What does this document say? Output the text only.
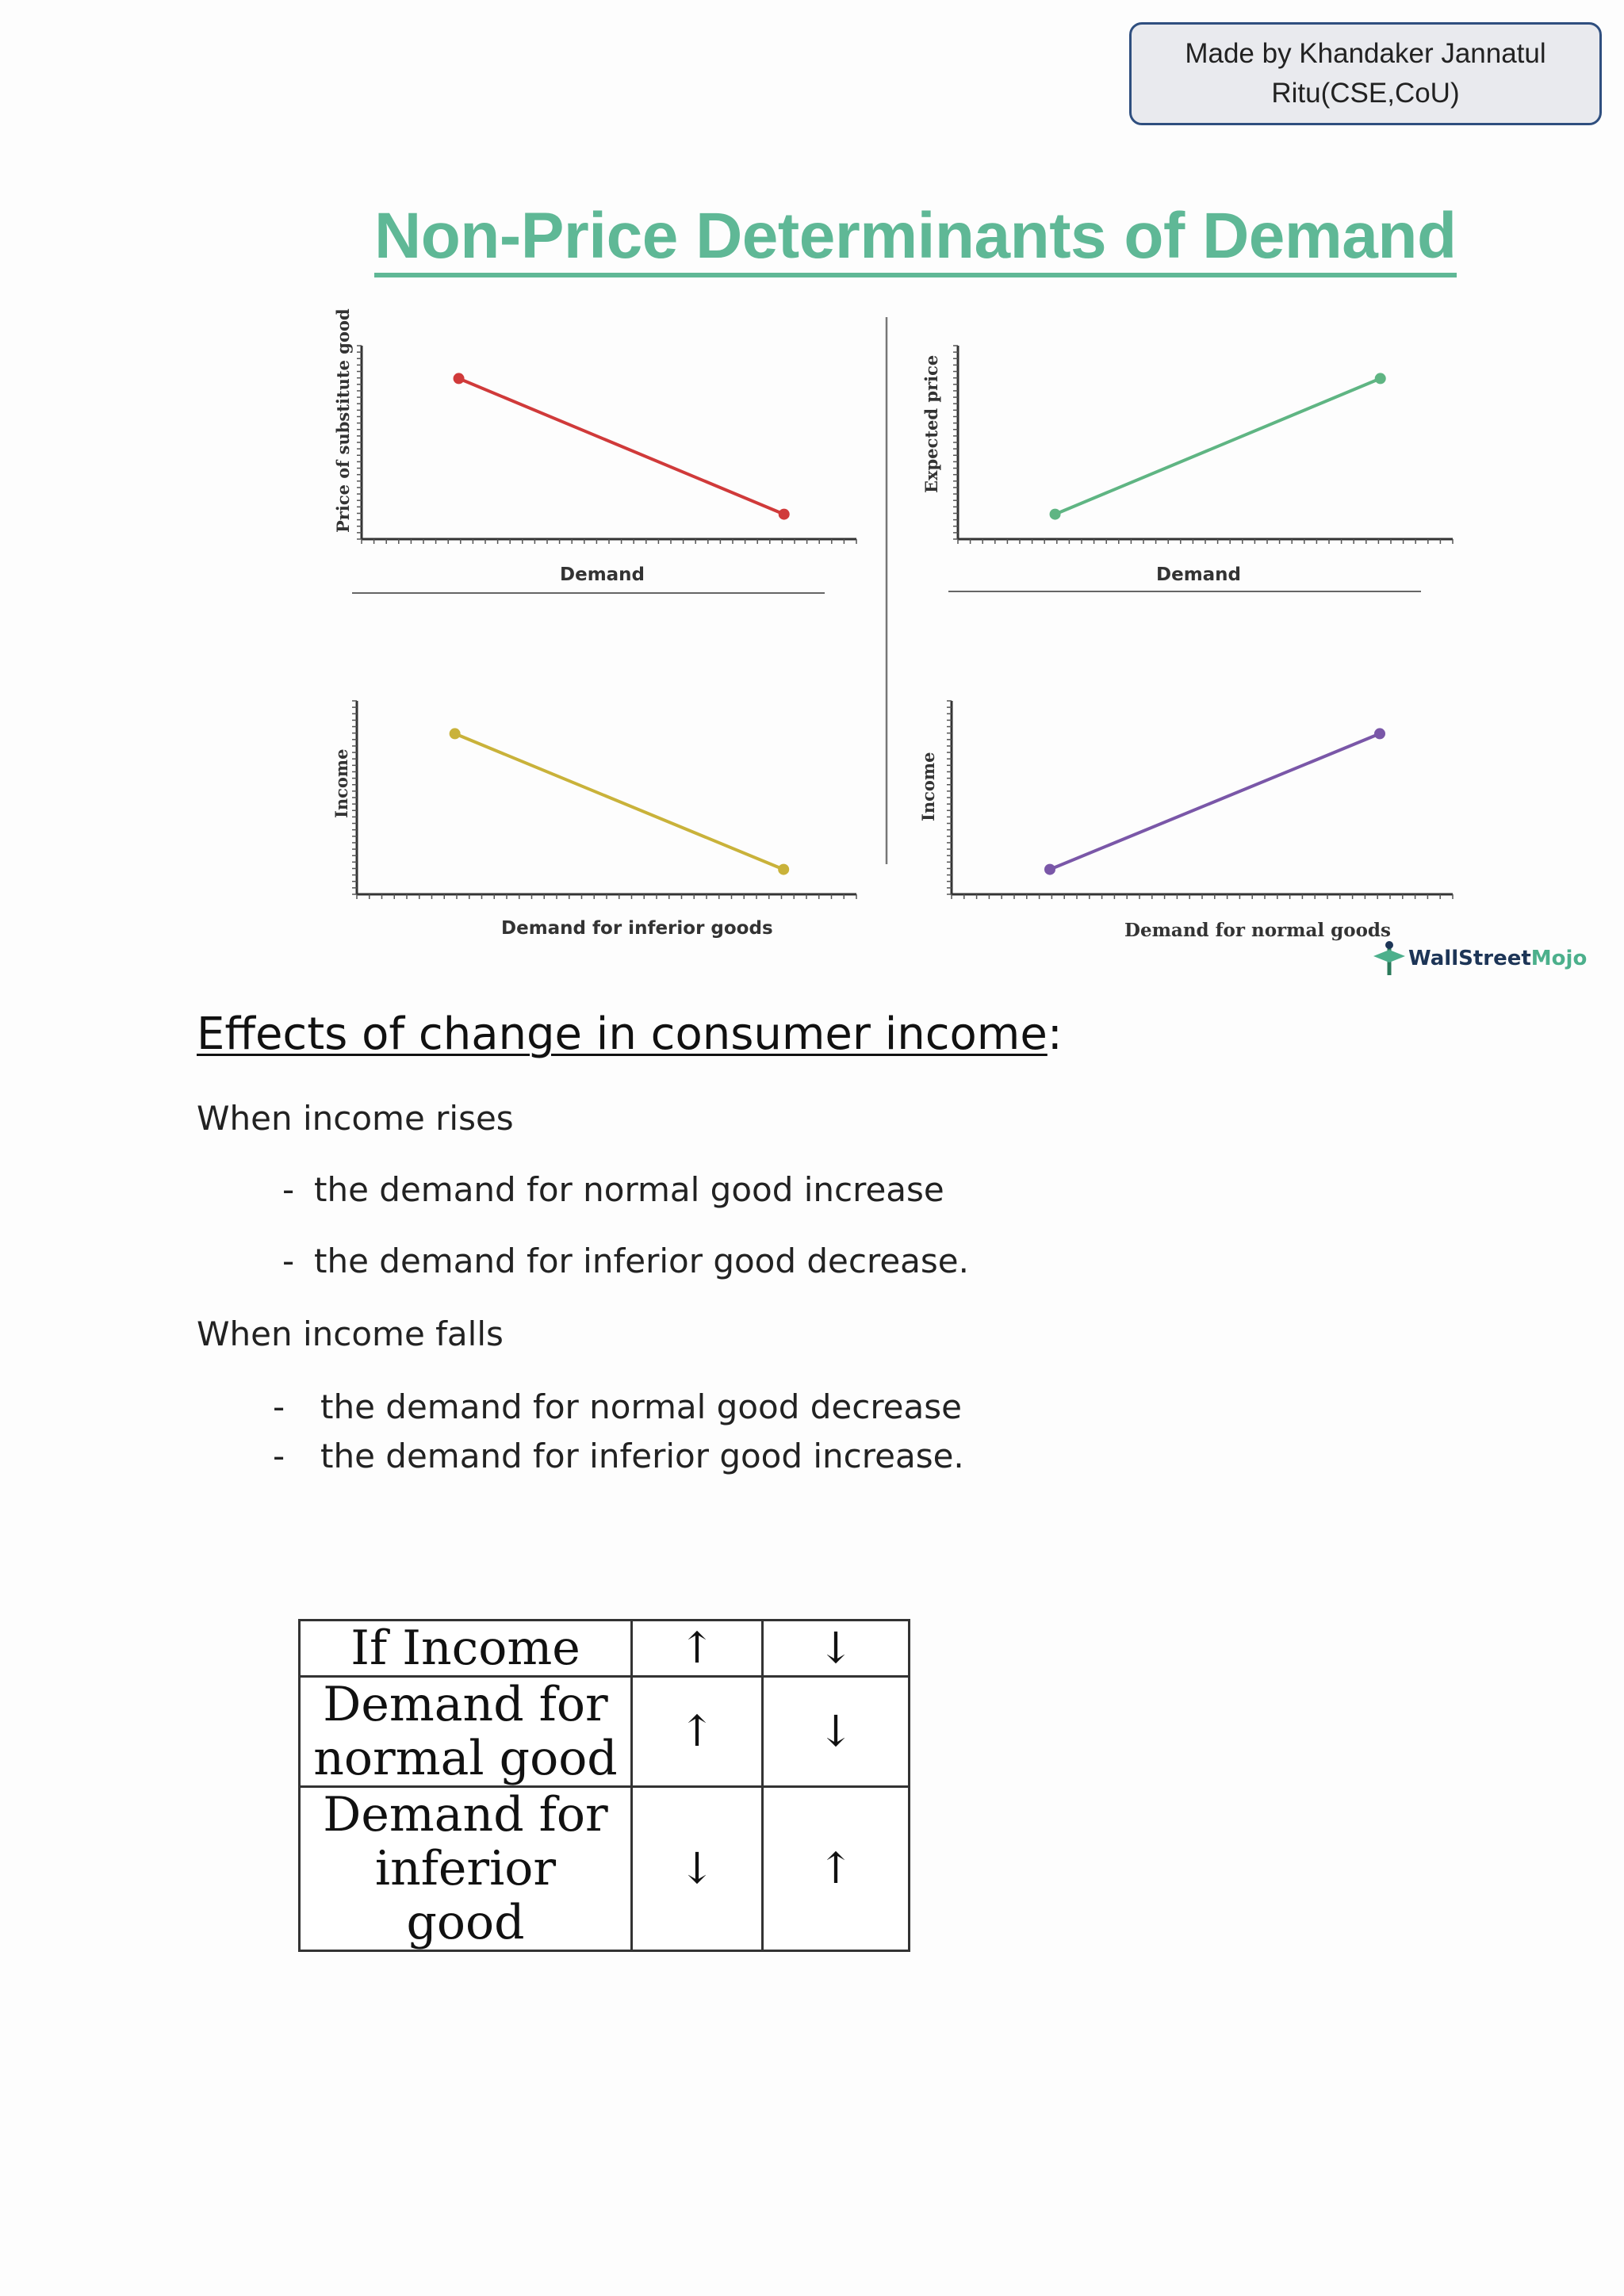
Made by Khandaker Jannatul
Ritu(CSE,CoU)
Non-Price Determinants of Demand
Price of substitute good
Demand
Expected price
Demand
Income
Demand for inferior goods
Income
Demand for normal goods
WallStreet Mojo
Effects of change in consumer income:
When income rises
- the demand for normal good increase
- the demand for inferior good decrease.
When income falls
-	the demand for normal good decrease
-	the demand for inferior good increase.
If Income	↑	↓
Demand for normal good	↑	↓
Demand for inferior good	↓	↑
